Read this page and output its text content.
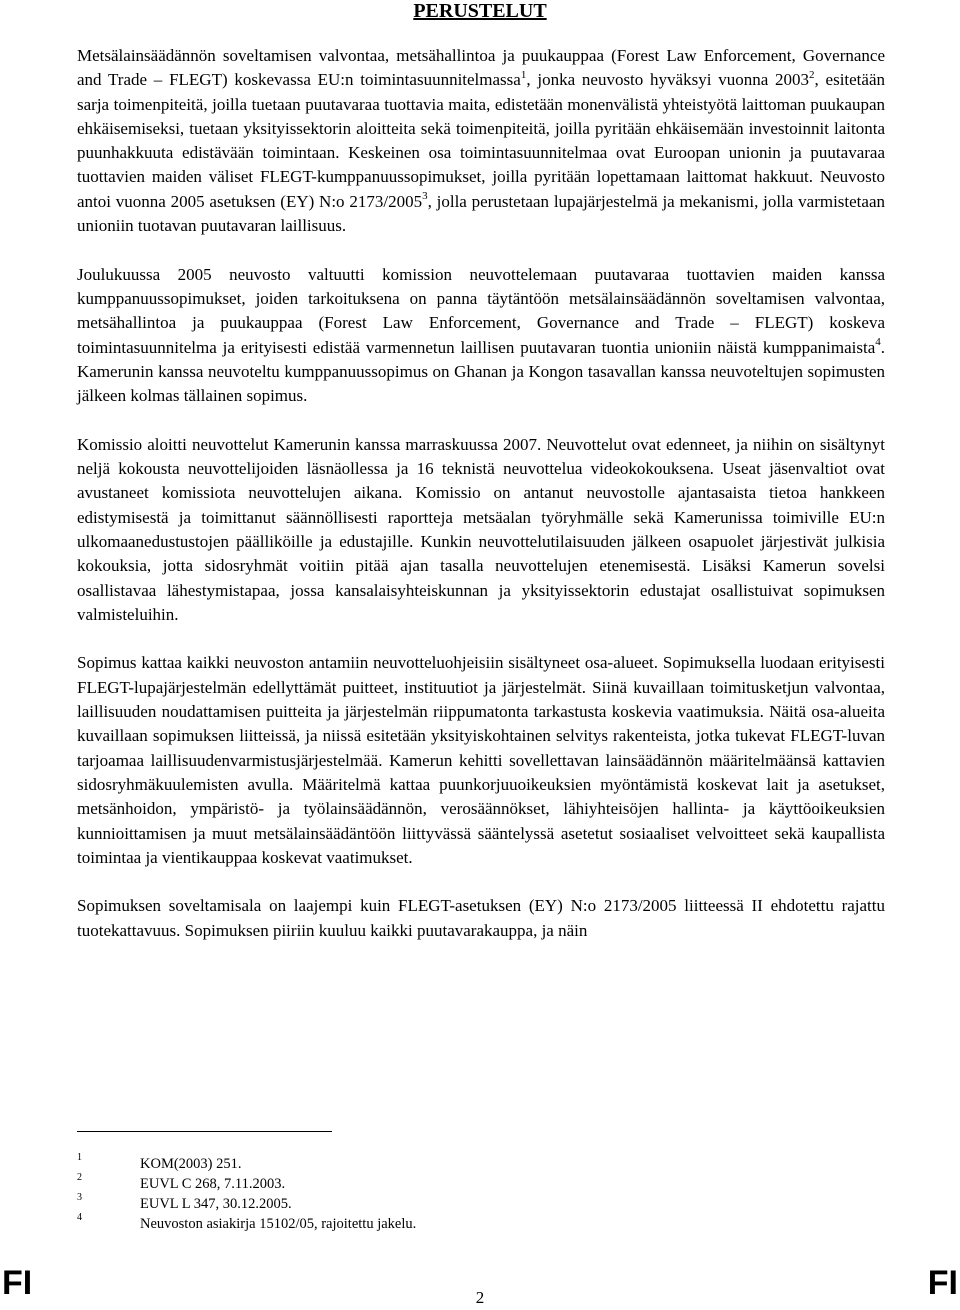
PERUSTELUT

Metsälainsäädännön soveltamisen valvontaa, metsähallintoa ja puukauppaa (Forest Law Enforcement, Governance and Trade – FLEGT) koskevassa EU:n toimintasuunnitelmassa$^1$, jonka neuvosto hyväksyi vuonna 2003$^2$, esitetään sarja toimenpiteitä, joilla tuetaan puutavaraa tuottavia maita, edistetään monenvälistä yhteistyötä laittoman puukaupan ehkäisemiseksi, tuetaan yksityissektorin aloitteita sekä toimenpiteitä, joilla pyritään ehkäisemään investoinnit laitonta puunhakkuuta edistävään toimintaan. Keskeinen osa toimintasuunnitelmaa ovat Euroopan unionin ja puutavaraa tuottavien maiden väliset FLEGT-kumppanuussopimukset, joilla pyritään lopettamaan laittomat hakkuut. Neuvosto antoi vuonna 2005 asetuksen (EY) N:o 2173/2005$^3$, jolla perustetaan lupajärjestelmä ja mekanismi, jolla varmistetaan unioniin tuotavan puutavaran laillisuus.

Joulukuussa 2005 neuvosto valtuutti komission neuvottelemaan puutavaraa tuottavien maiden kanssa kumppanuussopimukset, joiden tarkoituksena on panna täytäntöön metsälainsäädännön soveltamisen valvontaa, metsähallintoa ja puukauppaa (Forest Law Enforcement, Governance and Trade – FLEGT) koskeva toimintasuunnitelma ja erityisesti edistää varmennetun laillisen puutavaran tuontia unioniin näistä kumppanimaista$^4$. Kamerunin kanssa neuvoteltu kumppanuussopimus on Ghanan ja Kongon tasavallan kanssa neuvoteltujen sopimusten jälkeen kolmas tällainen sopimus.

Komissio aloitti neuvottelut Kamerunin kanssa marraskuussa 2007. Neuvottelut ovat edenneet, ja niihin on sisältynyt neljä kokousta neuvottelijoiden läsnäollessa ja 16 teknistä neuvottelua videokokouksena. Useat jäsenvaltiot ovat avustaneet komissiota neuvottelujen aikana. Komissio on antanut neuvostolle ajantasaista tietoa hankkeen edistymisestä ja toimittanut säännöllisesti raportteja metsäalan työryhmälle sekä Kamerunissa toimiville EU:n ulkomaanedustustojen päälliköille ja edustajille. Kunkin neuvottelutilaisuuden jälkeen osapuolet järjestivät julkisia kokouksia, jotta sidosryhmät voitiin pitää ajan tasalla neuvottelujen etenemisestä. Lisäksi Kamerun sovelsi osallistavaa lähestymistapaa, jossa kansalaisyhteiskunnan ja yksityissektorin edustajat osallistuivat sopimuksen valmisteluihin.

Sopimus kattaa kaikki neuvoston antamiin neuvotteluohjeisiin sisältyneet osa-alueet. Sopimuksella luodaan erityisesti FLEGT-lupajärjestelmän edellyttämät puitteet, instituutiot ja järjestelmät. Siinä kuvaillaan toimitusketjun valvontaa, laillisuuden noudattamisen puitteita ja järjestelmän riippumatonta tarkastusta koskevia vaatimuksia. Näitä osa-alueita kuvaillaan sopimuksen liitteissä, ja niissä esitetään yksityiskohtainen selvitys rakenteista, jotka tukevat FLEGT-luvan tarjoamaa laillisuudenvarmistusjärjestelmää. Kamerun kehitti sovellettavan lainsäädännön määritelmäänsä kattavien sidosryhmäkuulemisten avulla. Määritelmä kattaa puunkorjuuoikeuksien myöntämistä koskevat lait ja asetukset, metsänhoidon, ympäristö- ja työlainsäädännön, verosäännökset, lähiyhteisöjen hallinta- ja käyttöoikeuksien kunnioittamisen ja muut metsälainsäädäntöön liittyvässä sääntelyssä asetetut sosiaaliset velvoitteet sekä kaupallista toimintaa ja vientikauppaa koskevat vaatimukset.

Sopimuksen soveltamisala on laajempi kuin FLEGT-asetuksen (EY) N:o 2173/2005 liitteessä II ehdotettu rajattu tuotekattavuus. Sopimuksen piiriin kuuluu kaikki puutavarakauppa, ja näin

1	KOM(2003) 251.
2	EUVL C 268, 7.11.2003.
3	EUVL L 347, 30.12.2005.
4	Neuvoston asiakirja 15102/05, rajoitettu jakelu.
FI	2	FI
